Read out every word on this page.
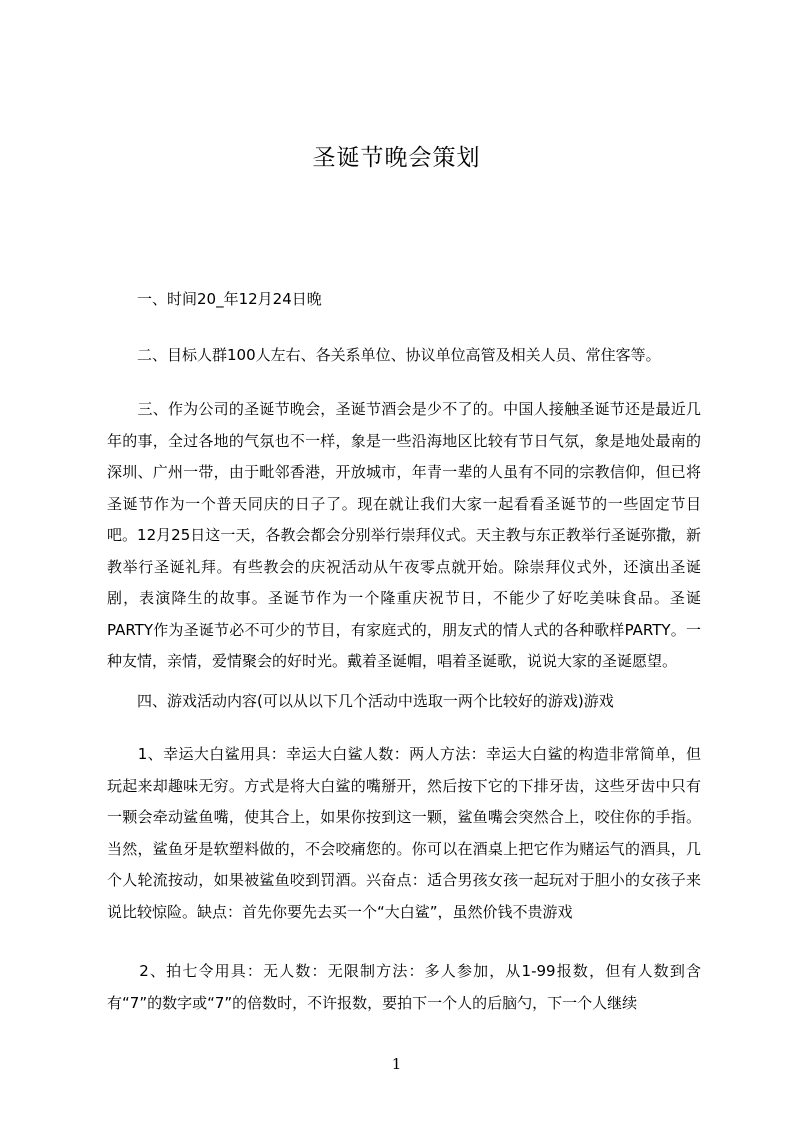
圣诞节晚会策划

　　一、时间20_年12月24日晚

　　二、目标人群100人左右、各关系单位、协议单位高管及相关人员、常住客等。

　　三、作为公司的圣诞节晚会，圣诞节酒会是少不了的。中国人接触圣诞节还是最近几年的事，全过各地的气氛也不一样，象是一些沿海地区比较有节日气氛，象是地处最南的深圳、广州一带，由于毗邻香港，开放城市，年青一辈的人虽有不同的宗教信仰，但已将圣诞节作为一个普天同庆的日子了。现在就让我们大家一起看看圣诞节的一些固定节目吧。12月25日这一天，各教会都会分别举行崇拜仪式。天主教与东正教举行圣诞弥撒，新教举行圣诞礼拜。有些教会的庆祝活动从午夜零点就开始。除崇拜仪式外，还演出圣诞剧，表演降生的故事。圣诞节作为一个隆重庆祝节日，不能少了好吃美味食品。圣诞PARTY作为圣诞节必不可少的节目，有家庭式的，朋友式的情人式的各种歌样PARTY。一种友情，亲情，爱情聚会的好时光。戴着圣诞帽，唱着圣诞歌，说说大家的圣诞愿望。

　　四、游戏活动内容(可以从以下几个活动中选取一两个比较好的游戏)游戏

　　1、幸运大白鲨用具：幸运大白鲨人数：两人方法：幸运大白鲨的构造非常简单，但玩起来却趣味无穷。方式是将大白鲨的嘴掰开，然后按下它的下排牙齿，这些牙齿中只有一颗会牵动鲨鱼嘴，使其合上，如果你按到这一颗，鲨鱼嘴会突然合上，咬住你的手指。当然，鲨鱼牙是软塑料做的，不会咬痛您的。你可以在酒桌上把它作为赌运气的酒具，几个人轮流按动，如果被鲨鱼咬到罚酒。兴奋点：适合男孩女孩一起玩对于胆小的女孩子来说比较惊险。缺点：首先你要先去买一个“大白鲨”，虽然价钱不贵游戏

　　2、拍七令用具：无人数：无限制方法：多人参加，从1-99报数，但有人数到含有“7”的数字或“7”的倍数时，不许报数，要拍下一个人的后脑勺，下一个人继续

1
